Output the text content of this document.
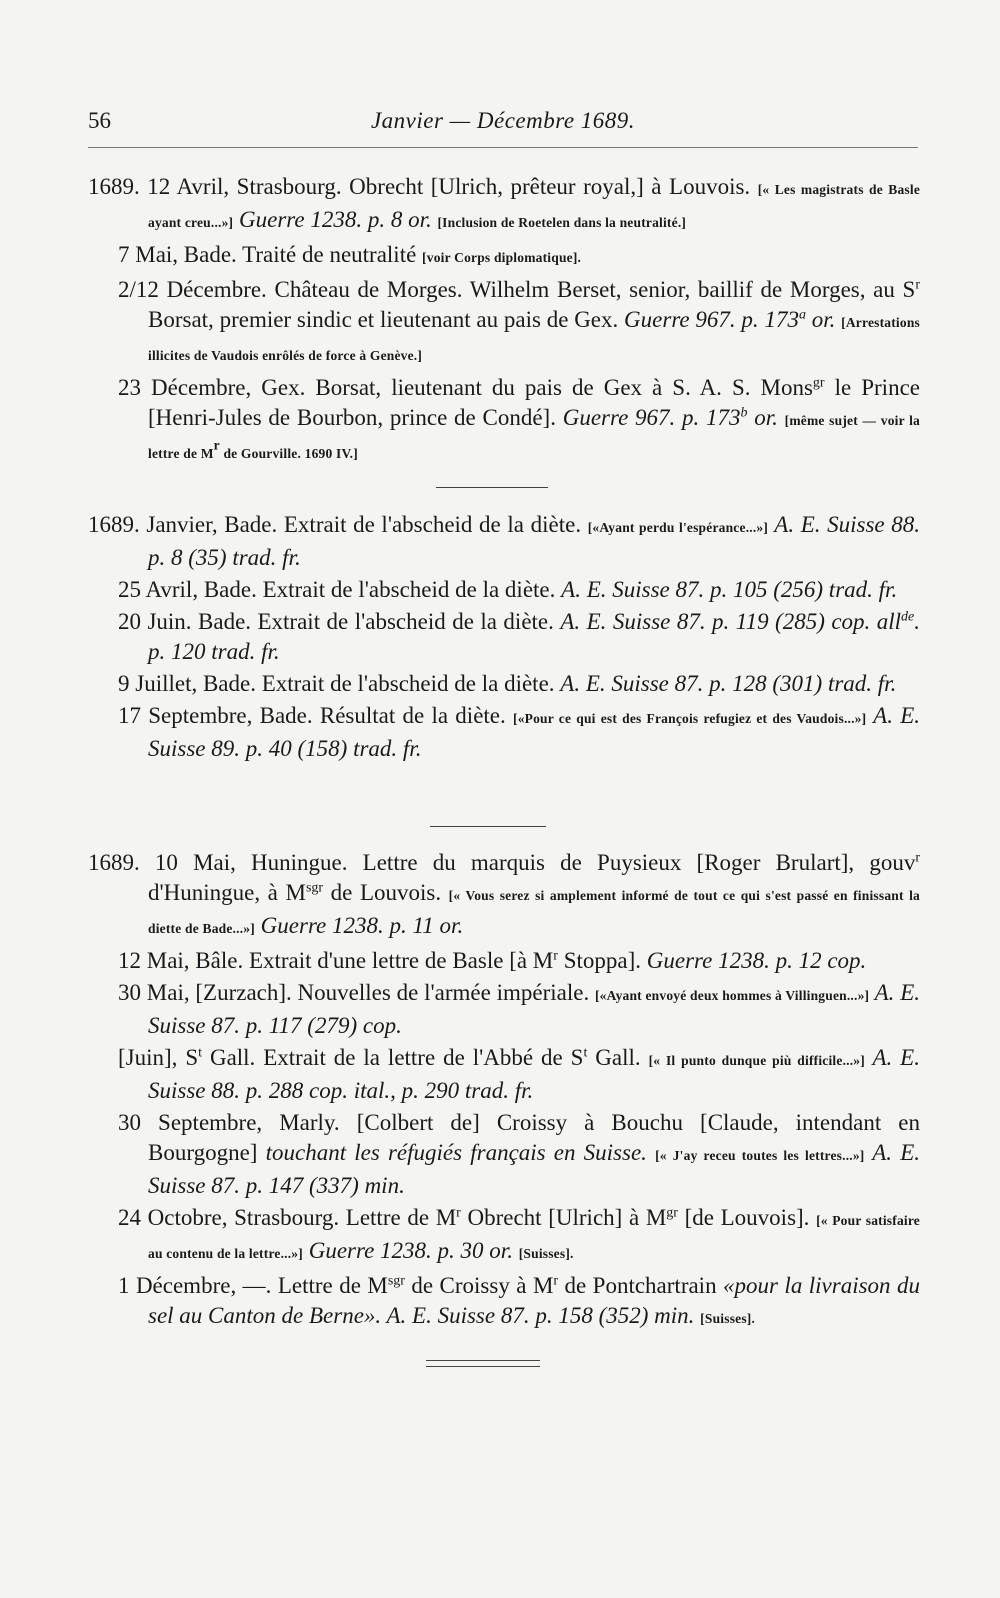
56	Janvier — Décembre 1689.
1689. 12 Avril, Strasbourg. Obrecht [Ulrich, prêteur royal,] à Louvois. [« Les magistrats de Basle ayant creu...»] Guerre 1238. p. 8 or. [Inclusion de Roetelen dans la neutralité.]
7 Mai, Bade. Traité de neutralité [voir Corps diplomatique].
2/12 Décembre. Château de Morges. Wilhelm Berset, senior, baillif de Morges, au $S^r$ Borsat, premier sindic et lieutenant au pais de Gex. Guerre 967. p. 173$^a$ or. [Arrestations illicites de Vaudois enrôlés de force à Genève.]
23 Décembre, Gex. Borsat, lieutenant du pais de Gex à S. A. S. Mons$^{gr}$ le Prince [Henri-Jules de Bourbon, prince de Condé]. Guerre 967. p. 173$^b$ or. [même sujet — voir la lettre de $M^r$ de Gourville. 1690 IV.]
1689. Janvier, Bade. Extrait de l'abscheid de la diète. [«Ayant perdu l'espérance...»] A. E. Suisse 88. p. 8 (35) trad. fr.
25 Avril, Bade. Extrait de l'abscheid de la diète. A. E. Suisse 87. p. 105 (256) trad. fr.
20 Juin. Bade. Extrait de l'abscheid de la diète. A. E. Suisse 87. p. 119 (285) cop. all$^{de}$. p. 120 trad. fr.
9 Juillet, Bade. Extrait de l'abscheid de la diète. A. E. Suisse 87. p. 128 (301) trad. fr.
17 Septembre, Bade. Résultat de la diète. [«Pour ce qui est des François refugiez et des Vaudois...»] A. E. Suisse 89. p. 40 (158) trad. fr.
1689. 10 Mai, Huningue. Lettre du marquis de Puysieux [Roger Brulart], gouv$^r$ d'Huningue, à $M^{sgr}$ de Louvois. [« Vous serez si amplement informé de tout ce qui s'est passé en finissant la diette de Bade...»] Guerre 1238. p. 11 or.
12 Mai, Bâle. Extrait d'une lettre de Basle [à $M^r$ Stoppa]. Guerre 1238. p. 12 cop.
30 Mai, [Zurzach]. Nouvelles de l'armée impériale. [«Ayant envoyé deux hommes à Villinguen...»] A. E. Suisse 87. p. 117 (279) cop.
[Juin], $S^t$ Gall. Extrait de la lettre de l'Abbé de $S^t$ Gall. [« Il punto dunque più difficile...»] A. E. Suisse 88. p. 288 cop. ital., p. 290 trad. fr.
30 Septembre, Marly. [Colbert de] Croissy à Bouchu [Claude, intendant en Bourgogne] touchant les réfugiés français en Suisse. [« J'ay receu toutes les lettres...»] A. E. Suisse 87. p. 147 (337) min.
24 Octobre, Strasbourg. Lettre de $M^r$ Obrecht [Ulrich] à $M^{gr}$ [de Louvois]. [« Pour satisfaire au contenu de la lettre...»] Guerre 1238. p. 30 or. [Suisses].
1 Décembre, —. Lettre de $M^{sgr}$ de Croissy à $M^r$ de Pontchartrain «pour la livraison du sel au Canton de Berne». A. E. Suisse 87. p. 158 (352) min. [Suisses].
